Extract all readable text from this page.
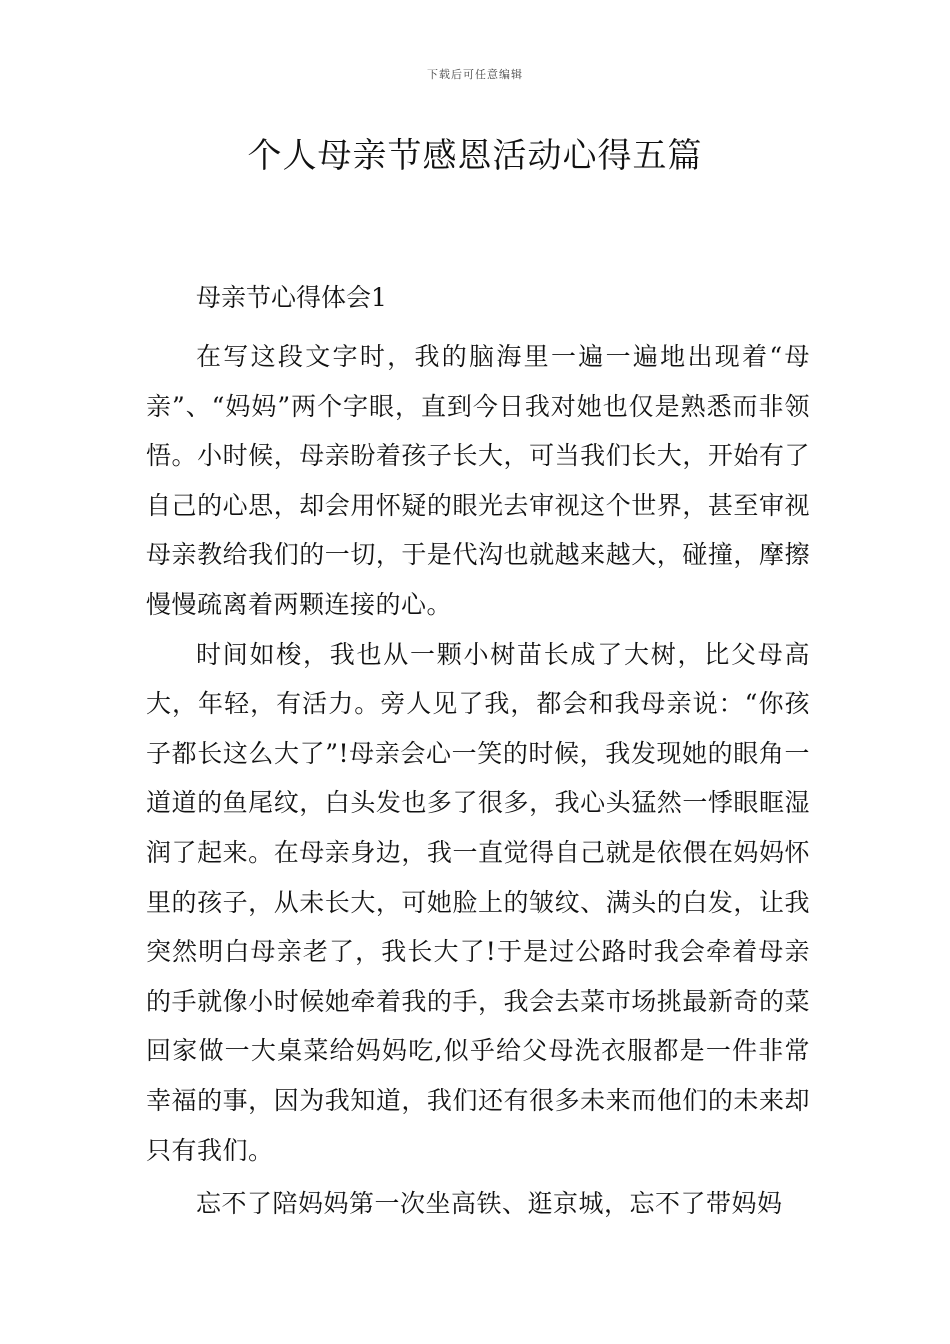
下载后可任意编辑
个人母亲节感恩活动心得五篇
母亲节心得体会1

在写这段文字时，我的脑海里一遍一遍地出现着“母亲”、“妈妈”两个字眼，直到今日我对她也仅是熟悉而非领悟。小时候，母亲盼着孩子长大，可当我们长大，开始有了自己的心思，却会用怀疑的眼光去审视这个世界，甚至审视母亲教给我们的一切，于是代沟也就越来越大，碰撞，摩擦慢慢疏离着两颗连接的心。

时间如梭，我也从一颗小树苗长成了大树，比父母高大，年轻，有活力。旁人见了我，都会和我母亲说：“你孩子都长这么大了”!母亲会心一笑的时候，我发现她的眼角一道道的鱼尾纹，白头发也多了很多，我心头猛然一悸眼眶湿润了起来。在母亲身边，我一直觉得自己就是依偎在妈妈怀里的孩子，从未长大，可她脸上的皱纹、满头的白发，让我突然明白母亲老了，我长大了!于是过公路时我会牵着母亲的手就像小时候她牵着我的手，我会去菜市场挑最新奇的菜回家做一大桌菜给妈妈吃,似乎给父母洗衣服都是一件非常幸福的事，因为我知道，我们还有很多未来而他们的未来却只有我们。

忘不了陪妈妈第一次坐高铁、逛京城，忘不了带妈妈
